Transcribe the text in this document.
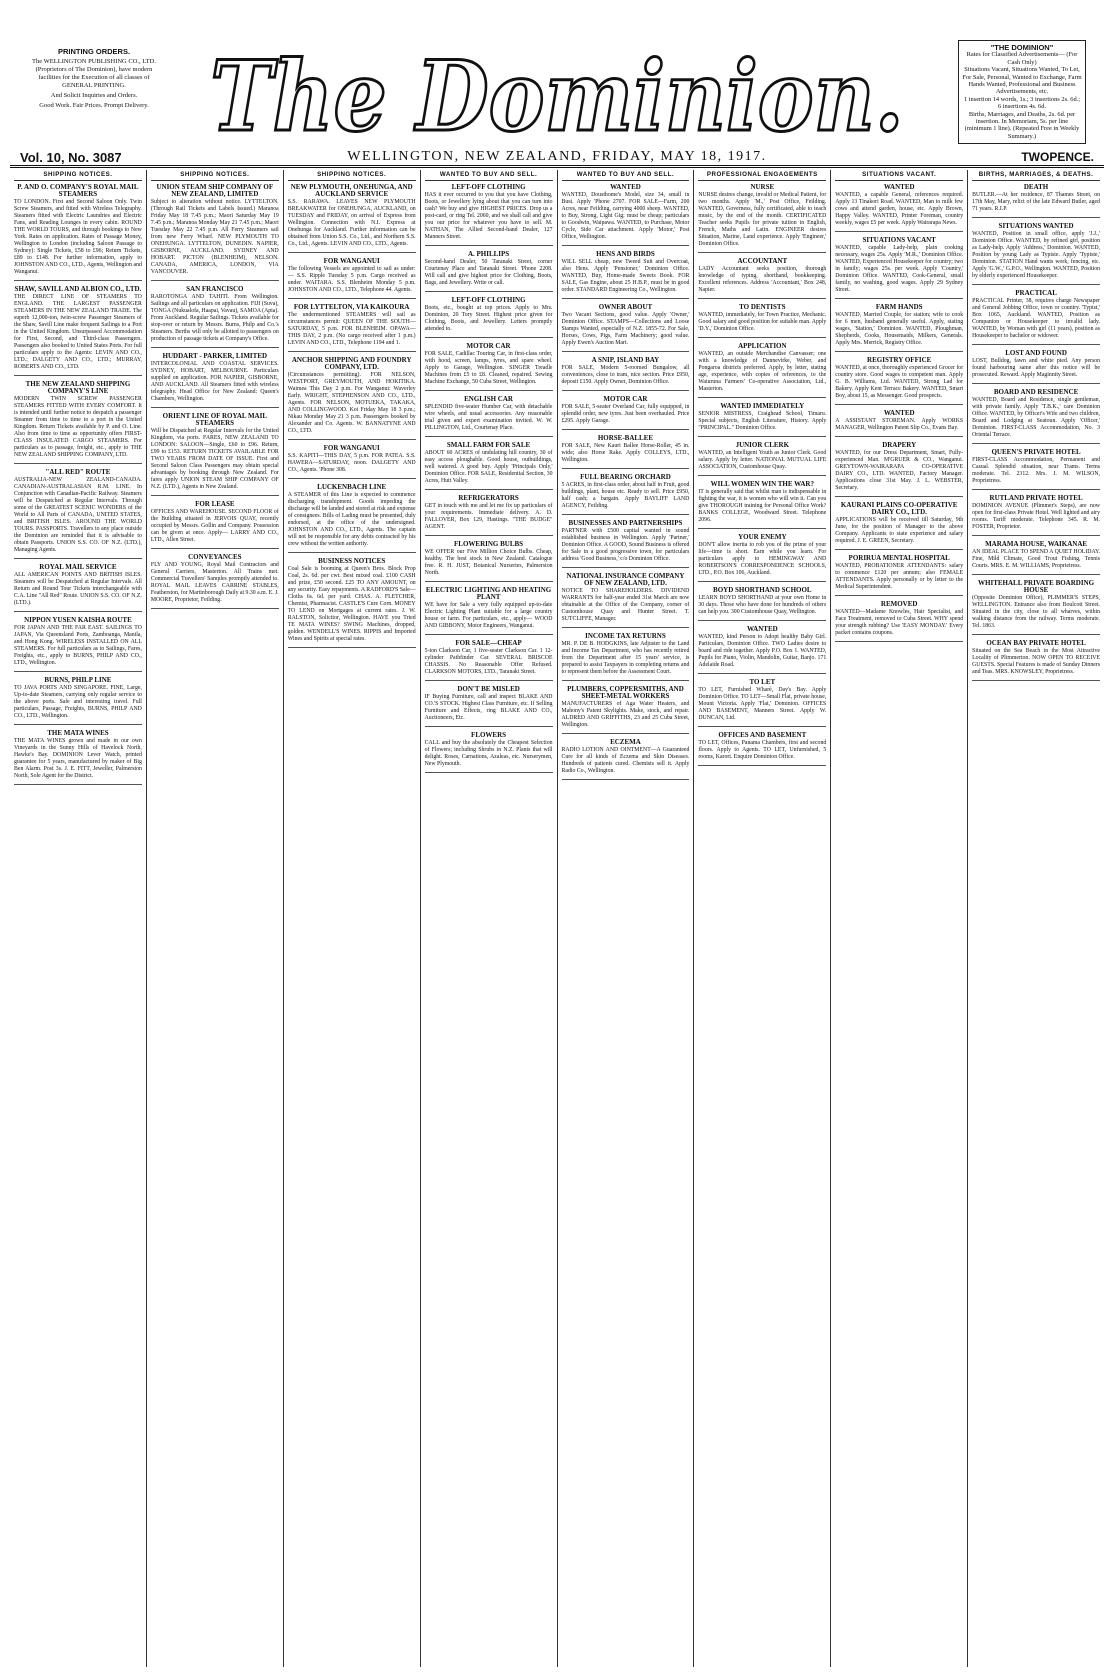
PRINTING ORDERS.

The WELLINGTON PUBLISHING CO., LTD. (Proprietors of The Dominion), have modern facilities for the Execution of all classes of GENERAL PRINTING.

And Solicit Inquiries and Orders.

Good Work. Fair Prices. Prompt Delivery. The Dominion.	"THE DOMINION"
Rates for Classified Advertisements— (For Cash Only)
Situations Vacant, Situations Wanted, To Let, For Sale, Personal, Wanted to Exchange, Farm Hands Wanted, Professional and Business Advertisements, etc.
1 insertion 14 words, 1s.; 3 insertions 2s. 6d.; 6 insertions 4s. 6d.
Births, Marriages, and Deaths, 2s. 6d. per insertion. In Memoriam, 5s. per line (minimum 1 line). (Repeated Free in Weekly Summary.)
Vol. 10, No. 3087	WELLINGTON, NEW ZEALAND, FRIDAY, MAY 18, 1917.	TWOPENCE.
SHIPPING NOTICES.
P. AND O. COMPANY'S ROYAL MAIL STEAMERS
TO LONDON. First and Second Saloon Only. Twin Screw Steamers, and fitted with Wireless Telegraphy. Steamers fitted with Electric Laundries and Electric Fans, and Reading Lounges in every cabin. ROUND THE WORLD TOURS, and through bookings to New York. Rates on application. Rates of Passage Money, Wellington to London (including Saloon Passage to Sydney): Single Tickets, £58 to £96; Return Tickets, £89 to £148. For further information, apply to JOHNSTON AND CO., LTD., Agents, Wellington and Wanganui.
SHAW, SAVILL AND ALBION CO., LTD.
THE DIRECT LINE OF STEAMERS TO ENGLAND. THE LARGEST PASSENGER STEAMERS IN THE NEW ZEALAND TRADE. The superb 12,000-ton, twin-screw Passenger Steamers of the Shaw, Savill Line make frequent Sailings to a Port in the United Kingdom. Unsurpassed Accommodation for First, Second, and Third-class Passengers. Passengers also booked to United States Ports. For full particulars apply to the Agents: LEVIN AND CO., LTD.; DALGETY AND CO., LTD.; MURRAY, ROBERTS AND CO., LTD.
THE NEW ZEALAND SHIPPING COMPANY'S LINE
MODERN TWIN SCREW PASSENGER STEAMERS FITTED WITH EVERY COMFORT. It is intended until further notice to despatch a passenger Steamer from time to time to a port in the United Kingdom. Return Tickets available by P. and O. Line. Also from time to time as opportunity offers FIRST-CLASS INSULATED CARGO STEAMERS. For particulars as to passage, freight, etc., apply to THE NEW ZEALAND SHIPPING COMPANY, LTD.
"ALL RED" ROUTE
AUSTRALIA-NEW ZEALAND-CANADA. CANADIAN-AUSTRALASIAN R.M. LINE. In Conjunction with Canadian-Pacific Railway. Steamers will be Despatched at Regular Intervals. Through some of the GREATEST SCENIC WONDERS of the World to All Parts of CANADA, UNITED STATES, and BRITISH ISLES. AROUND THE WORLD TOURS. PASSPORTS. Travellers to any place outside the Dominion are reminded that it is advisable to obtain Passports. UNION S.S. CO. OF N.Z. (LTD.), Managing Agents.
ROYAL MAIL SERVICE
ALL AMERICAN POINTS AND BRITISH ISLES. Steamers will be Despatched at Regular Intervals. All Return and Round Tour Tickets interchangeable with C.A. Line "All Red" Route. UNION S.S. CO. OF N.Z. (LTD.).
NIPPON YUSEN KAISHA ROUTE
FOR JAPAN AND THE FAR EAST. SAILINGS TO JAPAN, Via Queensland Ports, Zamboanga, Manila, and Hong Kong. WIRELESS INSTALLED ON ALL STEAMERS. For full particulars as to Sailings, Fares, Freights, etc., apply to BURNS, PHILP AND CO., LTD., Wellington.
BURNS, PHILP LINE
TO JAVA PORTS AND SINGAPORE. FINE, Large, Up-to-date Steamers, carrying only regular service to the above ports. Safe and interesting travel. Full particulars, Passage, Freights, BURNS, PHILP AND CO., LTD., Wellington.
THE MATA WINES
THE MATA WINES grown and made in our own Vineyards in the Sunny Hills of Havelock North, Hawke's Bay. DOMINION Lever Watch, printed guarantee for 5 years, manufactured by maker of Big Ben Alarm. Post 3s. J. E. FITT, Jeweller, Palmerston North, Sole Agent for the District.
SHIPPING NOTICES.
UNION STEAM SHIP COMPANY OF NEW ZEALAND, LIMITED
Subject to alteration without notice. LYTTELTON. (Through Rail Tickets and Labels Issued.) Maranoa Friday May 18 7.45 p.m.; Maori Saturday May 19 7.45 p.m.; Maranoa Monday May 21 7.45 p.m.; Maori Tuesday May 22 7.45 p.m. All Ferry Steamers sail from new Ferry Wharf. NEW PLYMOUTH TO ONEHUNGA. LYTTELTON, DUNEDIN. NAPIER, GISBORNE, AUCKLAND. SYDNEY AND HOBART. PICTON (BLENHEIM), NELSON. CANADA, AMERICA, LONDON, VIA VANCOUVER.
SAN FRANCISCO
RAROTONGA AND TAHITI. From Wellington. Sailings and all particulars on application. FIJI (Suva), TONGA (Nukualofa, Haapai, Vavau), SAMOA (Apia). From Auckland. Regular Sailings. Tickets available for stop-over or return by Messrs. Burns, Philp and Co.'s Steamers. Berths will only be allotted to passengers on production of passage tickets at Company's Office.
HUDDART - PARKER, LIMITED
INTERCOLONIAL AND COASTAL SERVICES. SYDNEY, HOBART, MELBOURNE. Particulars supplied on application. FOR NAPIER, GISBORNE, AND AUCKLAND. All Steamers fitted with wireless telegraphy. Head Office for New Zealand: Queen's Chambers, Wellington.
ORIENT LINE OF ROYAL MAIL STEAMERS
Will be Dispatched at Regular Intervals for the United Kingdom, via ports. FARES, NEW ZEALAND TO LONDON: SALOON—Single, £60 to £96. Return, £99 to £153. RETURN TICKETS AVAILABLE FOR TWO YEARS FROM DATE OF ISSUE. First and Second Saloon Class Passengers may obtain special advantages by booking through New Zealand. For fares apply UNION STEAM SHIP COMPANY OF N.Z. (LTD.), Agents in New Zealand.
FOR LEASE
OFFICES AND WAREHOUSE. SECOND FLOOR of the Building situated in JERVOIS QUAY, recently occupied by Messrs. Gollin and Company. Possession can be given at once. Apply— LARRY AND CO., LTD., Allen Street.
CONVEYANCES
FLY AND YOUNG, Royal Mail Contractors and General Carriers, Masterton. All Trains met. Commercial Travellers' Samples promptly attended to. ROYAL MAIL LEAVES CARRINE STABLES, Featherston, for Martinborough Daily at 9.30 a.m. E. J. MOORE, Proprietor, Feilding.
SHIPPING NOTICES.
NEW PLYMOUTH, ONEHUNGA, AND AUCKLAND SERVICE
S.S. RARAWA. LEAVES NEW PLYMOUTH BREAKWATER for ONEHUNGA, AUCKLAND, on TUESDAY and FRIDAY, on arrival of Express from Wellington. Connection with N.I. Express at Onehunga for Auckland. Further information can be obtained from Union S.S. Co., Ltd., and Northern S.S. Co., Ltd., Agents. LEVIN AND CO., LTD., Agents.
FOR WANGANUI
The following Vessels are appointed to sail as under:— S.S. Ripple Tuesday 5 p.m. Cargo received as under. WAITARA. S.S. Blenheim Monday 5 p.m. JOHNSTON AND CO., LTD., Telephone 44. Agents.
FOR LYTTELTON, VIA KAIKOURA
The undermentioned STEAMERS will sail as circumstances permit: QUEEN OF THE SOUTH—SATURDAY, 5 p.m. FOR BLENHEIM. OPAWA—THIS DAY, 2 p.m. (No cargo received after 1 p.m.) LEVIN AND CO., LTD., Telephone 1194 and 1.
ANCHOR SHIPPING AND FOUNDRY COMPANY, LTD.
(Circumstances permitting). FOR NELSON, WESTPORT, GREYMOUTH, AND HOKITIKA. Waimea This Day 2 p.m. For Wanganui: Waverley Early. WRIGHT, STEPHENSON AND CO., LTD., Agents. FOR NELSON, MOTUEKA, TAKAKA, AND COLLINGWOOD. Koi Friday May 18 3 p.m.; Nikau Monday May 21 3 p.m. Passengers booked by Alexander and Co. Agents. W. BANNATYNE AND CO., LTD.
FOR WANGANUI
S.S. KAPITI—THIS DAY, 5 p.m. FOR PATEA. S.S. HAWERA—SATURDAY, noon. DALGETY AND CO., Agents. 'Phone 308.
LUCKENBACH LINE
A STEAMER of this Line is expected to commence discharging transhipment. Goods impeding the discharge will be landed and stored at risk and expense of consignees. Bills of Lading must be presented, duly endorsed, at the office of the undersigned. JOHNSTON AND CO., LTD., Agents. The captain will not be responsible for any debts contracted by his crew without the written authority.
BUSINESS NOTICES
Coal Sale is booming at Queen's Bros. Block Prop Coal, 2s. 6d. per cwt. Best mixed coal. £100 CASH and prize, £50 second. £25 TO ANY AMOUNT, on any security. Easy repayments. A RADFORD'S Sale—Cloths 6s. 6d. per yard. CHAS. A. FLETCHER, Chemist, Pharmacist. CASTLE'S Cure Corn. MONEY TO LEND on Mortgages at current rates. J. W. RALSTON, Solicitor, Wellington. HAVE you Tried TE MATA WINES? SWING Machines, dropped, golden. WENDELL'S WINES. RIPPIS and Imported Wines and Spirits at special rates.
WANTED TO BUY AND SELL.
LEFT-OFF CLOTHING
HAS it ever occurred to you that you have Clothing, Boots, or Jewellery lying about that you can turn into cash? We buy and give HIGHEST PRICES. Drop us a post-card, or ring Tel. 2060, and we shall call and give you our price for whatever you have to sell. M. NATHAN, The Allied Second-hand Dealer, 127 Manners Street.
A. PHILLIPS
Second-hand Dealer, 50 Taranaki Street, corner Courtenay Place and Taranaki Street. 'Phone 2208. Will call and give highest price for Clothing, Boots, Bags, and Jewellery. Write or call.
LEFT-OFF CLOTHING
Boots, etc., bought at top prices. Apply to Mrs. Dominion, 20 Tory Street. Highest price given for Clothing, Boots, and Jewellery. Letters promptly attended to.
MOTOR CAR
FOR SALE, Cadillac Touring Car, in first-class order, with hood, screen, lamps, tyres, and spare wheel. Apply to Garage, Wellington. SINGER Treadle Machines from £5 to £8. Cleaned, repaired. Sewing Machine Exchange, 50 Cuba Street, Wellington.
ENGLISH CAR
SPLENDID five-seater Humber Car, with detachable wire wheels, and usual accessories. Any reasonable trial given and expert examination invited. W. W. PILLINGTON, Ltd., Courtenay Place.
SMALL FARM FOR SALE
ABOUT 60 ACRES of undulating hill country, 30 of easy access ploughable. Good house, outbuildings, well watered. A good buy. Apply 'Principals Only,' Dominion Office. FOR SALE, Residential Section, 30 Acres, Hutt Valley.
REFRIGERATORS
GET in touch with me and let me fix up particulars of your requirements. Immediate delivery. A. D. FALLOVER, Box 129, Hastings. "THE BUDGE" AGENT.
FLOWERING BULBS
WE OFFER our Five Million Choice Bulbs. Cheap, healthy. The best stock in New Zealand. Catalogue free. R. H. JUST, Botanical Nurseries, Palmerston North.
ELECTRIC LIGHTING AND HEATING PLANT
WE have for Sale a very fully equipped up-to-date Electric Lighting Plant suitable for a large country house or farm. For particulars, etc., apply— WOOD AND GIBBONY, Motor Engineers, Wanganui.
FOR SALE—CHEAP
5-ton Clarkson Car, 1 five-seater Clarkson Car. 1 12-cylinder Pathfinder Car. SEVERAL BRISCOE CHASSIS. No Reasonable Offer Refused. CLARKSON MOTORS, LTD., Taranaki Street.
DON'T BE MISLED
IF Buying Furniture, call and inspect BLAKE AND CO.'S STOCK. Highest Class Furniture, etc. If Selling Furniture and Effects, ring BLAKE AND CO., Auctioneers, Etc.
FLOWERS
CALL and buy the absolutely the Cheapest Selection of Flowers; including Shrubs in N.Z. Plants that will delight. Roses, Carnations, Azaleas, etc. Nurserymen, New Plymouth.
WANTED TO BUY AND SELL.
WANTED
WANTED, Dousthome's Model, size 34, small in Bust. Apply 'Phone 2707. FOR SALE—Farm, 200 Acres, near Feilding, carrying 4000 sheep. WANTED, to Buy, Strong, Light Gig; must be cheap; particulars to Goodwin, Waipawa. WANTED, to Purchase, Motor Cycle, Side Car attachment. Apply 'Motor,' Post Office, Wellington.
HENS AND BIRDS
WILL SELL cheap, new Tweed Suit and Overcoat, also Hens. Apply 'Pensioner,' Dominion Office. WANTED, Buy, Home-made Sweets Book. FOR SALE, Gas Engine, about 25 H.B.P., must be in good order. STANDARD Engineering Co., Wellington.
OWNER ABOUT
Two Vacant Sections, good value. Apply 'Owner,' Dominion Office. STAMPS—Collections and Loose Stamps Wanted, especially of N.Z. 1855-72. For Sale, Horses, Cows, Pigs, Farm Machinery; good value. Apply Ewen's Auction Mart.
A SNIP, ISLAND BAY
FOR SALE, Modern 5-roomed Bungalow, all conveniences, close to tram, nice section. Price £950, deposit £150. Apply Owner, Dominion Office.
MOTOR CAR
FOR SALE, 5-seater Overland Car, fully equipped, in splendid order, new tyres. Just been overhauled. Price £295. Apply Garage.
HORSE-BALLEE
FOR SALE, New Kauri Ballee Horse-Roller, 45 in. wide; also Horse Rake. Apply COLLEYS, LTD., Wellington.
FULL BEARING ORCHARD
5 ACRES, in first-class order, about half in Fruit, good buildings, plant, house etc. Ready to sell. Price £950, half cash; a bargain. Apply BAYLIFF LAND AGENCY, Feilding.
BUSINESSES AND PARTNERSHIPS
PARTNER with £500 capital wanted in sound established business in Wellington. Apply 'Partner,' Dominion Office. A GOOD, Sound Business is offered for Sale in a good progressive town, for particulars address 'Good Business,' c/o Dominion Office.
NATIONAL INSURANCE COMPANY OF NEW ZEALAND, LTD.
NOTICE TO SHAREHOLDERS. DIVIDEND WARRANTS for half-year ended 31st March are now obtainable at the Office of the Company, corner of Customhouse Quay and Hunter Street. T. SUTCLIFFE, Manager.
INCOME TAX RETURNS
MR. P. DE B. HODGKINS, late Adjuster to the Land and Income Tax Department, who has recently retired from the Department after 15 years' service, is prepared to assist Taxpayers in completing returns and to represent them before the Assessment Court.
PLUMBERS, COPPERSMITHS, AND SHEET-METAL WORKERS
MANUFACTURERS of Aga Water Heaters, and Mahony's Patent Skylights. Make, stock, and repair. ALDRED AND GRIFFITHS, 23 and 25 Cuba Street, Wellington.
ECZEMA
RADIO LOTION AND OINTMENT—A Guaranteed Cure for all kinds of Eczema and Skin Diseases. Hundreds of patients cured. Chemists sell it. Apply Radio Co., Wellington.
PROFESSIONAL ENGAGEMENTS
NURSE
NURSE desires change, invalid or Medical Patient, for two months. Apply 'M.,' Post Office, Feilding. WANTED, Governess, fully certificated, able to teach music, by the end of the month. CERTIFICATED Teacher seeks Pupils for private tuition in English, French, Maths and Latin. ENGINEER desires Situation, Marine, Land experience. Apply 'Engineer,' Dominion Office.
ACCOUNTANT
LADY Accountant seeks position, thorough knowledge of typing, shorthand, bookkeeping. Excellent references. Address 'Accountant,' Box 248, Napier.
TO DENTISTS
WANTED, immediately, for Town Practice, Mechanic. Good salary and good position for suitable man. Apply 'D.Y.,' Dominion Office.
APPLICATION
WANTED, an outside Merchandise Canvasser; one with a knowledge of Dannevirke, Weber, and Pongaroa districts preferred. Apply, by letter, stating age, experience, with copies of references, to the Waiuruna Farmers' Co-operative Association, Ltd., Masterton.
WANTED IMMEDIATELY
SENIOR MISTRESS, Craighead School, Timaru. Special subjects, English Literature, History. Apply "PRINCIPAL." Dominion Office.
JUNIOR CLERK
WANTED, an Intelligent Youth as Junior Clerk. Good salary. Apply by letter. NATIONAL MUTUAL LIFE ASSOCIATION, Customhouse Quay.
WILL WOMEN WIN THE WAR?
IT is generally said that whilst man is indispensable in fighting the war, it is women who will win it. Can you give THOROUGH training for Personal Office Work? BANKS COLLEGE, Woodward Street. Telephone 2096.
YOUR ENEMY
DON'T allow inertia to rob you of the prime of your life—time is short. Earn while you learn. For particulars apply to HEMINGWAY AND ROBERTSON'S CORRESPONDENCE SCHOOLS, LTD., P.O. Box 106, Auckland.
BOYD SHORTHAND SCHOOL
LEARN BOYD SHORTHAND at your own Home in 30 days. Those who have done for hundreds of others can help you. 300 Customhouse Quay, Wellington.
WANTED
WANTED, kind Person to Adopt healthy Baby Girl. Particulars, Dominion Office. TWO Ladies desire to board and ride together. Apply P.O. Box 1. WANTED, Pupils for Piano, Violin, Mandolin, Guitar, Banjo. 171 Adelaide Road.
TO LET
TO LET, Furnished Wharé, Day's Bay. Apply Dominion Office. TO LET—Small Flat, private house, Mount Victoria. Apply 'Flat,' Dominion. OFFICES AND BASEMENT, Manners Street. Apply W. DUNCAN, Ltd.
OFFICES AND BASEMENT
TO LET, Offices, Panama Chambers, first and second floors. Apply to Agents. TO LET, Unfurnished, 5 rooms, Karori. Enquire Dominion Office.
SITUATIONS VACANT.
WANTED
WANTED, a capable General, references required. Apply 13 Tinakori Road. WANTED, Man to milk few cows and attend garden, house, etc. Apply Brown, Happy Valley. WANTED, Printer Foreman, country weekly, wages £5 per week. Apply Wairarapa News.
SITUATIONS VACANT
WANTED, capable Lady-help, plain cooking necessary, wages 25s. Apply 'M.R.,' Dominion Office. WANTED, Experienced Housekeeper for country; two in family; wages 25s. per week. Apply 'Country,' Dominion Office. WANTED, Cook-General, small family, no washing, good wages. Apply 29 Sydney Street.
FARM HANDS
WANTED, Married Couple, for station; wife to cook for 6 men, husband generally useful. Apply, stating wages, 'Station,' Dominion. WANTED, Ploughman, Shepherds, Cooks, Housemaids, Milkers, Generals. Apply Mrs. Merrick, Registry Office.
REGISTRY OFFICE
WANTED, at once, thoroughly experienced Grocer for country store. Good wages to competent man. Apply G. B. Williams, Ltd. WANTED, Strong Lad for Bakery. Apply Kent Terrace Bakery. WANTED, Smart Boy, about 15, as Messenger. Good prospects.
WANTED
A ASSISTANT STOREMAN. Apply WORKS MANAGER, Wellington Patent Slip Co., Evans Bay.
DRAPERY
WANTED, for our Dress Department, Smart, Fully-experienced Man. M'GRUER & CO., Wanganui. GREYTOWN-WAIRARAPA CO-OPERATIVE DAIRY CO., LTD. WANTED, Factory Manager. Applications close 31st May. J. L. WEBSTER, Secretary.
KAURANI PLAINS CO-OPERATIVE DAIRY CO., LTD.
APPLICATIONS will be received till Saturday, 9th June, for the position of Manager to the above Company. Applicants to state experience and salary required. J. E. GREEN, Secretary.
PORIRUA MENTAL HOSPITAL
WANTED, PROBATIONER ATTENDANTS: salary to commence £120 per annum; also FEMALE ATTENDANTS. Apply personally or by letter to the Medical Superintendent.
REMOVED
WANTED—Madame Knowles, Hair Specialist, and Face Treatment, removed to Cuba Street. WHY spend your strength rubbing? Use 'EASY MONDAY.' Every packet contains coupons.
BIRTHS, MARRIAGES, & DEATHS.
DEATH
BUTLER.—At her residence, 87 Thames Street, on 17th May, Mary, relict of the late Edward Butler, aged 71 years. R.I.P.
SITUATIONS WANTED
WANTED, Position in small office, apply 'J.J.,' Dominion Office. WANTED, by refined girl, position as Lady-help. Apply 'Address,' Dominion. WANTED, Position by young Lady as Typiste. Apply 'Typiste,' Dominion. STATION Hand wants work, fencing, etc. Apply 'G.W.,' G.P.O., Wellington. WANTED, Position by elderly experienced Housekeeper.
PRACTICAL
PRACTICAL Printer, 38, requires charge Newspaper and General Jobbing Office, town or country. 'Typist,' Box 1065, Auckland. WANTED, Position as Companion or Housekeeper to invalid lady. WANTED, by Woman with girl (11 years), position as Housekeeper to bachelor or widower.
LOST AND FOUND
LOST, Bulldog, fawn and white pied. Any person found harbouring same after this notice will be prosecuted. Reward. Apply Maginnity Street.
BOARD AND RESIDENCE
WANTED, Board and Residence, single gentleman, with private family. Apply 'T.B.K.,' care Dominion Office. WANTED, by Officer's Wife and two children, Board and Lodging at Seatoun. Apply 'Officer,' Dominion. FIRST-CLASS Accommodation, No. 3 Oriental Terrace.
QUEEN'S PRIVATE HOTEL
FIRST-CLASS Accommodation, Permanent and Casual. Splendid situation, near Trams. Terms moderate. Tel. 2312. Mrs. J. M. WILSON, Proprietress.
RUTLAND PRIVATE HOTEL
DOMINION AVENUE (Plimmer's Steps), are now open for first-class Private Hotel. Well lighted and airy rooms. Tariff moderate. Telephone 345. R. M. FOSTER, Proprietor.
MARAMA HOUSE, WAIKANAE
AN IDEAL PLACE TO SPEND A QUIET HOLIDAY. Fine, Mild Climate, Good Trout Fishing, Tennis Courts. MRS. E. M. WILLIAMS, Proprietress.
WHITEHALL PRIVATE BOARDING HOUSE
(Opposite Dominion Office), PLIMMER'S STEPS, WELLINGTON. Entrance also from Boulcott Street. Situated in the city, close to all wharves, within walking distance from the railway. Terms moderate. Tel. 1863.
OCEAN BAY PRIVATE HOTEL
Situated on the Sea Beach in the Most Attractive Locality of Plimmerton. NOW OPEN TO RECEIVE GUESTS. Special Features is made of Sunday Dinners and Teas. MRS. KNOWSLEY, Proprietress.
